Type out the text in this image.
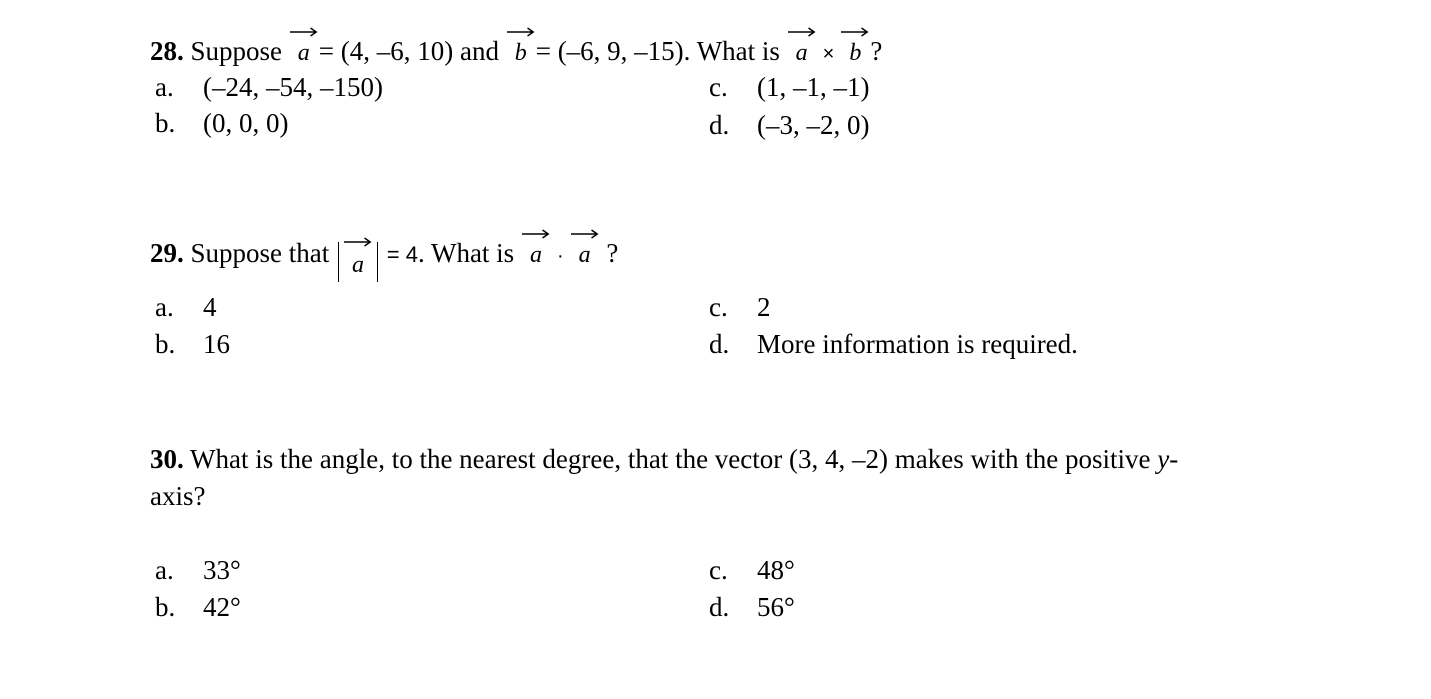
28. Suppose a = (4, –6, 10) and b = (–6, 9, –15). What is a × b ?
a. (–24, –54, –150)
b. (0, 0, 0)
c. (1, –1, –1)
d. (–3, –2, 0)
29. Suppose that a = 4. What is a · a ?
a. 4
b. 16
c. 2
d. More information is required.
30. What is the angle, to the nearest degree, that the vector (3, 4, –2) makes with the positive y-
axis?
a. 33°
b. 42°
c. 48°
d. 56°
